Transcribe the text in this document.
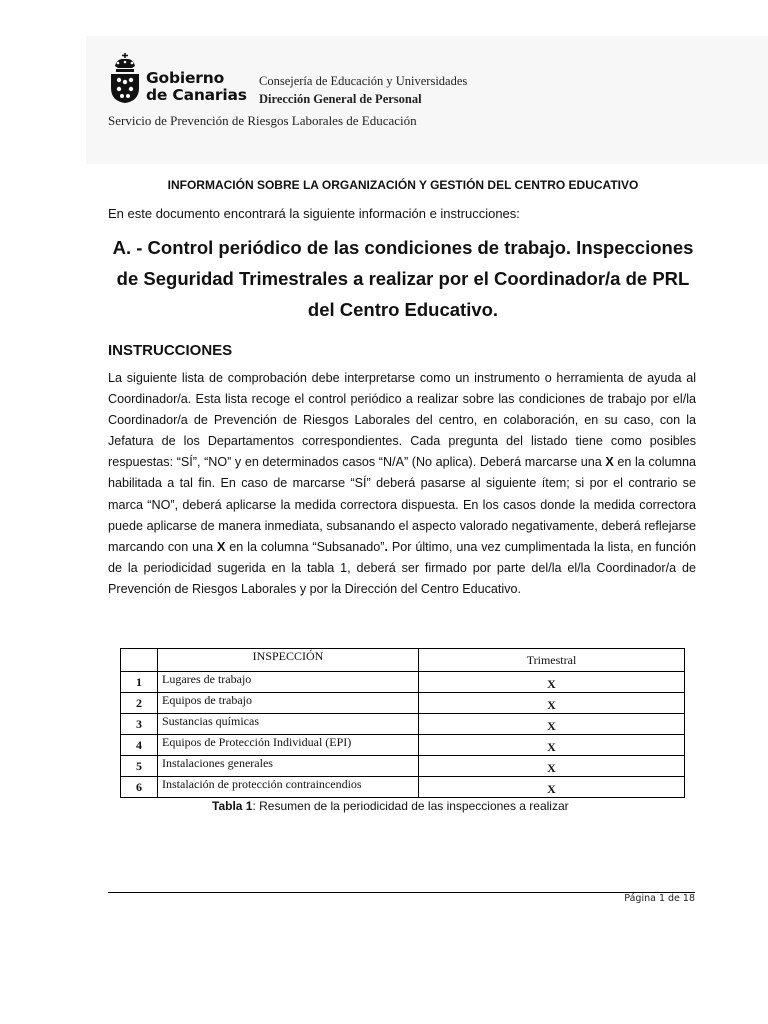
Gobierno
de Canarias
Consejería de Educación y Universidades
Dirección General de Personal
Servicio de Prevención de Riesgos Laborales de Educación
INFORMACIÓN SOBRE LA ORGANIZACIÓN Y GESTIÓN DEL CENTRO EDUCATIVO
En este documento encontrará la siguiente información e instrucciones:
A. - Control periódico de las condiciones de trabajo. Inspecciones de Seguridad Trimestrales a realizar por el Coordinador/a de PRL del Centro Educativo.
INSTRUCCIONES
La siguiente lista de comprobación debe interpretarse como un instrumento o herramienta de ayuda al Coordinador/a. Esta lista recoge el control periódico a realizar sobre las condiciones de trabajo por el/la Coordinador/a de Prevención de Riesgos Laborales del centro, en colaboración, en su caso, con la Jefatura de los Departamentos correspondientes. Cada pregunta del listado tiene como posibles respuestas: “SÍ”, “NO” y en determinados casos “N/A” (No aplica). Deberá marcarse una X en la columna habilitada a tal fin. En caso de marcarse “SÍ” deberá pasarse al siguiente ítem; si por el contrario se marca “NO”, deberá aplicarse la medida correctora dispuesta. En los casos donde la medida correctora puede aplicarse de manera inmediata, subsanando el aspecto valorado negativamente, deberá reflejarse marcando con una X en la columna “Subsanado”. Por último, una vez cumplimentada la lista, en función de la periodicidad sugerida en la tabla 1, deberá ser firmado por parte del/la el/la Coordinador/a de Prevención de Riesgos Laborales y por la Dirección del Centro Educativo.
	INSPECCIÓN	Trimestral
1	Lugares de trabajo	X
2	Equipos de trabajo	X
3	Sustancias químicas	X
4	Equipos de Protección Individual (EPI)	X
5	Instalaciones generales	X
6	Instalación de protección contraincendios	X
Tabla 1: Resumen de la periodicidad de las inspecciones a realizar
Página 1 de 18
